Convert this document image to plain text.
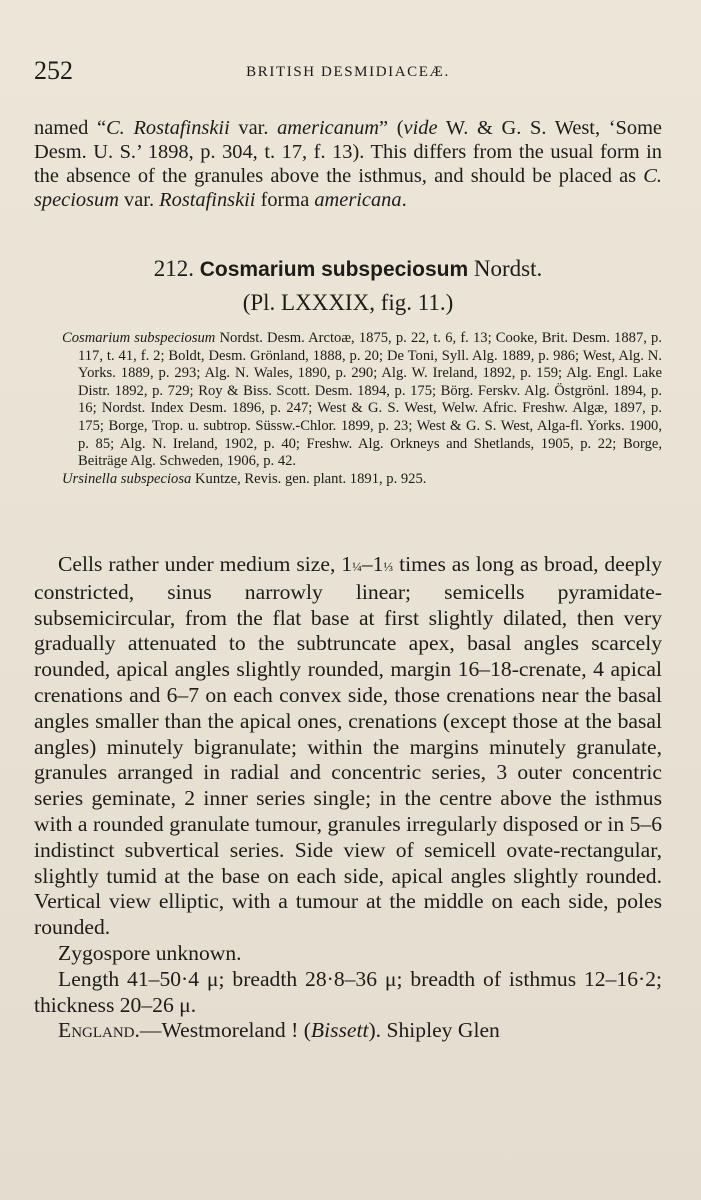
252	BRITISH DESMIDIACEÆ.
named “C. Rostafinskii var. americanum” (vide W. & G. S. West, ‘Some Desm. U. S.’ 1898, p. 304, t. 17, f. 13). This differs from the usual form in the absence of the granules above the isthmus, and should be placed as C. speciosum var. Rostafinskii forma americana.
212. Cosmarium subspeciosum Nordst.
(Pl. LXXXIX, fig. 11.)

Cosmarium subspeciosum Nordst. Desm. Arctoæ, 1875, p. 22, t. 6, f. 13; Cooke, Brit. Desm. 1887, p. 117, t. 41, f. 2; Boldt, Desm. Grönland, 1888, p. 20; De Toni, Syll. Alg. 1889, p. 986; West, Alg. N. Yorks. 1889, p. 293; Alg. N. Wales, 1890, p. 290; Alg. W. Ireland, 1892, p. 159; Alg. Engl. Lake Distr. 1892, p. 729; Roy & Biss. Scott. Desm. 1894, p. 175; Börg. Ferskv. Alg. Östgrönl. 1894, p. 16; Nordst. Index Desm. 1896, p. 247; West & G. S. West, Welw. Afric. Freshw. Algæ, 1897, p. 175; Borge, Trop. u. subtrop. Süssw.-Chlor. 1899, p. 23; West & G. S. West, Alga-fl. Yorks. 1900, p. 85; Alg. N. Ireland, 1902, p. 40; Freshw. Alg. Orkneys and Shetlands, 1905, p. 22; Borge, Beiträge Alg. Schweden, 1906, p. 42.

Ursinella subspeciosa Kuntze, Revis. gen. plant. 1891, p. 925.

Cells rather under medium size, 1¼–1⅓ times as long as broad, deeply constricted, sinus narrowly linear; semicells pyramidate-subsemicircular, from the flat base at first slightly dilated, then very gradually attenuated to the subtruncate apex, basal angles scarcely rounded, apical angles slightly rounded, margin 16–18-crenate, 4 apical crenations and 6–7 on each convex side, those crenations near the basal angles smaller than the apical ones, crenations (except those at the basal angles) minutely bigranulate; within the margins minutely granulate, granules arranged in radial and concentric series, 3 outer concentric series geminate, 2 inner series single; in the centre above the isthmus with a rounded granulate tumour, granules irregularly disposed or in 5–6 indistinct subvertical series. Side view of semicell ovate-rectangular, slightly tumid at the base on each side, apical angles slightly rounded. Vertical view elliptic, with a tumour at the middle on each side, poles rounded.

Zygospore unknown.

Length 41–50·4 μ; breadth 28·8–36 μ; breadth of isthmus 12–16·2; thickness 20–26 μ.

England.—Westmoreland ! (Bissett). Shipley Glen
